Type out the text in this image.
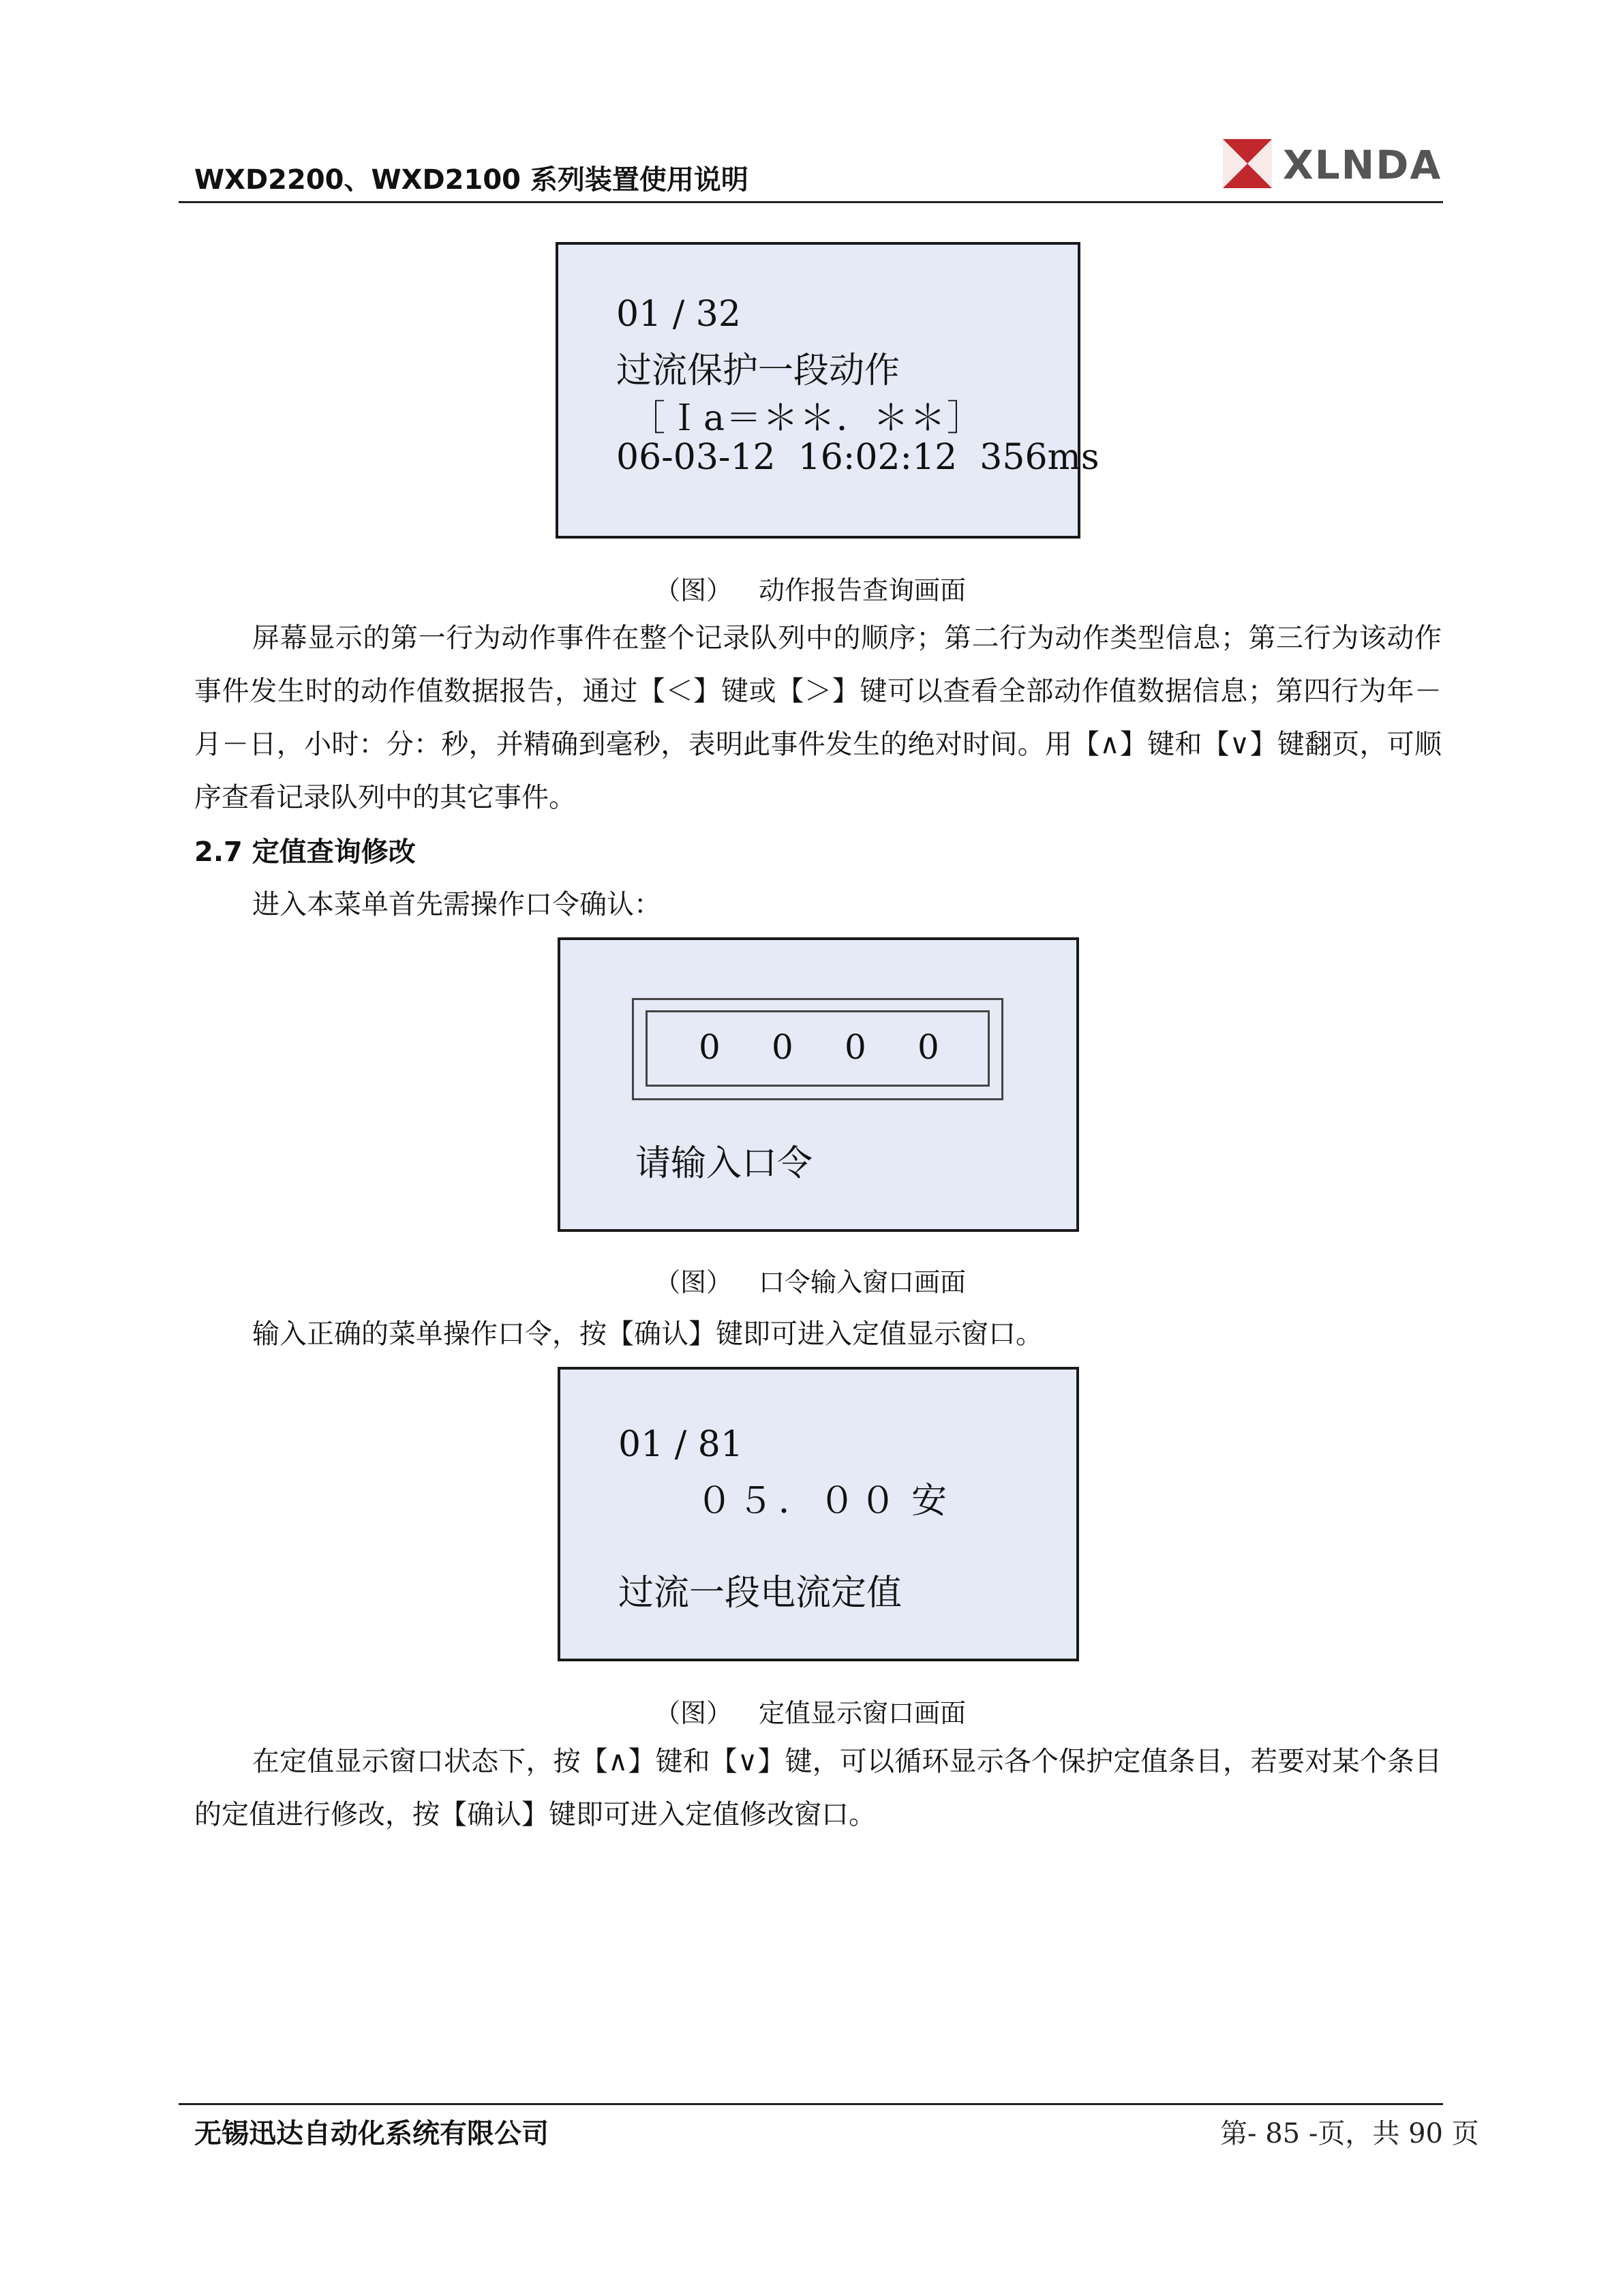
WXD2200、WXD2100 系列装置使用说明	XLNDA
01 / 32
过流保护一段动作
［Ｉa＝＊＊．＊＊］
06-03-12  16:02:12  356ms
（图） 动作报告查询画面
屏幕显示的第一行为动作事件在整个记录队列中的顺序；第二行为动作类型信息；第三行为该动作事件发生时的动作值数据报告，通过【＜】键或【＞】键可以查看全部动作值数据信息；第四行为年－月－日，小时：分：秒，并精确到毫秒，表明此事件发生的绝对时间。用【∧】键和【∨】键翻页，可顺序查看记录队列中的其它事件。
2.7 定值查询修改
进入本菜单首先需操作口令确认：
0 0 0 0
请输入口令
（图） 口令输入窗口画面
输入正确的菜单操作口令，按【确认】键即可进入定值显示窗口。
01 / 81
０５．００ 安
过流一段电流定值
（图） 定值显示窗口画面
在定值显示窗口状态下，按【∧】键和【∨】键，可以循环显示各个保护定值条目，若要对某个条目的定值进行修改，按【确认】键即可进入定值修改窗口。
无锡迅达自动化系统有限公司	第- 85 -页，共 90 页
